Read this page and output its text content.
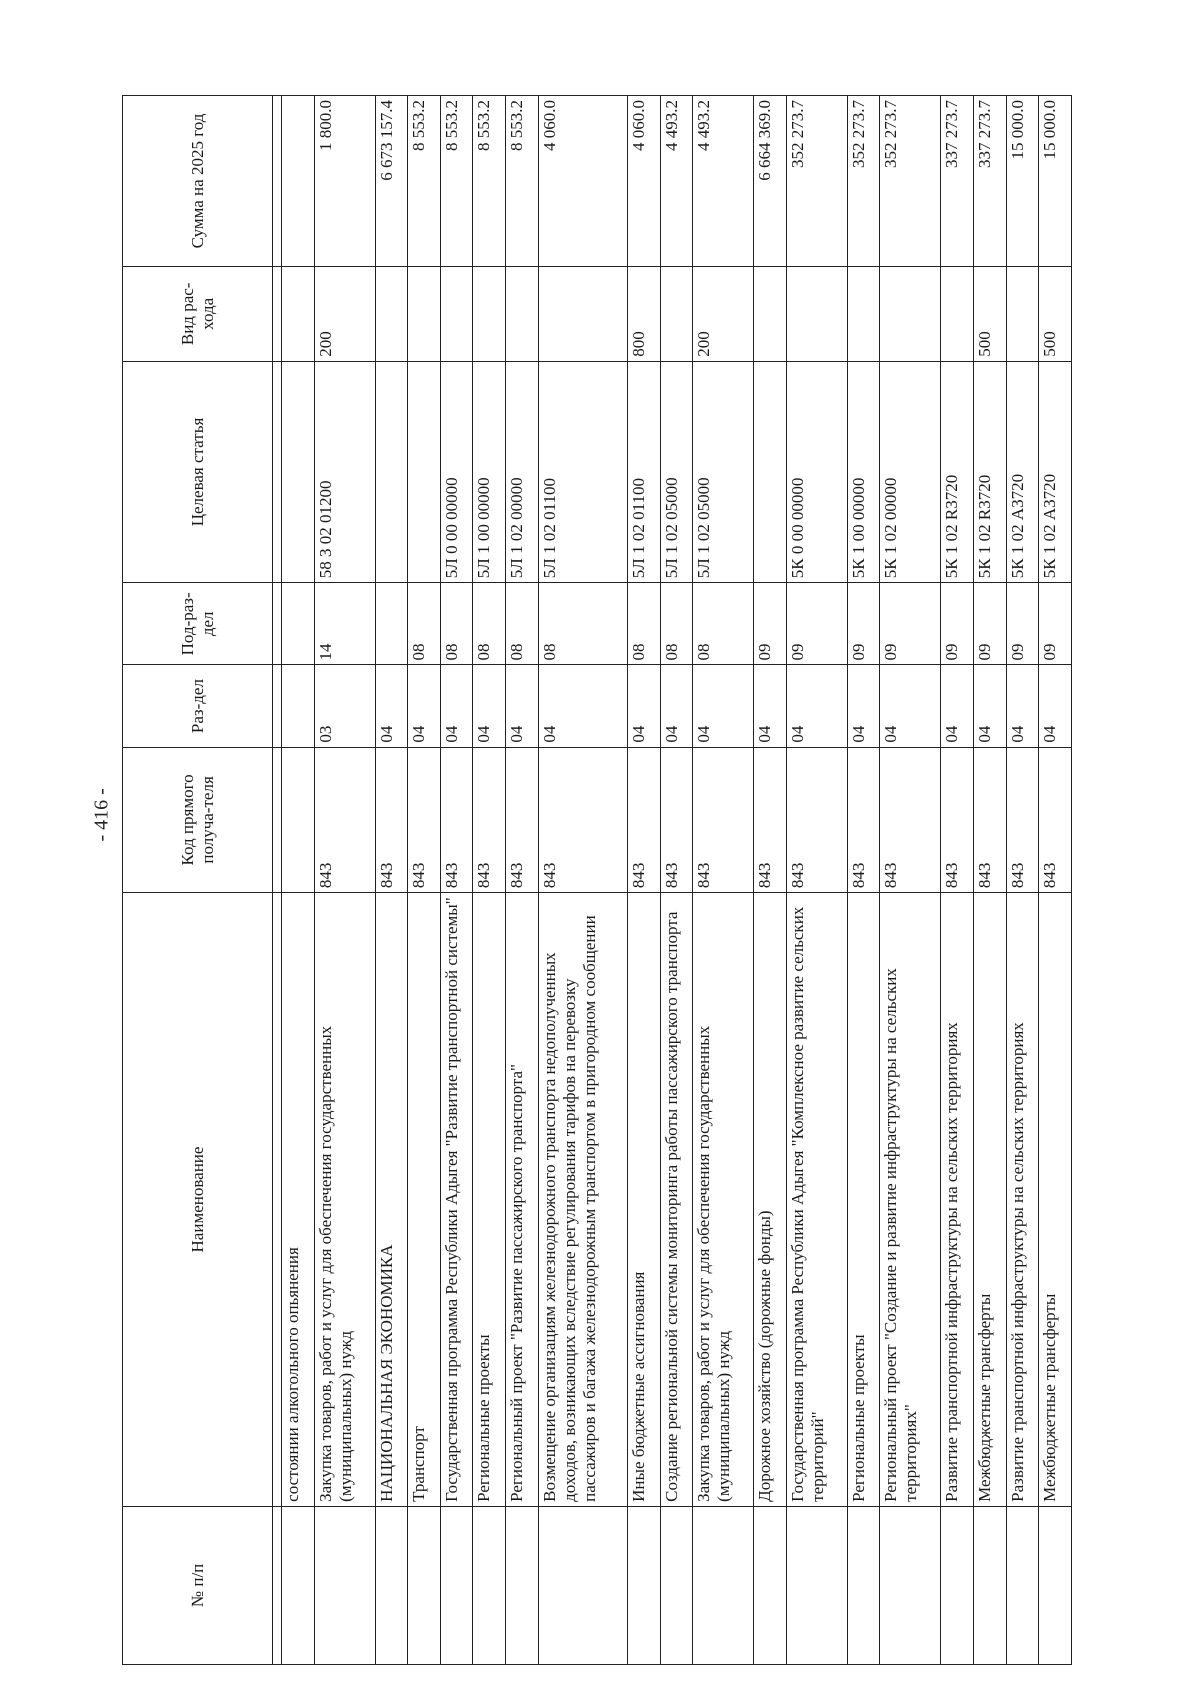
- 416 -
№ п/п	Наименование	Код прямого получа-теля	Раз-дел	Под-раз-дел	Целевая статья	Вид рас-хода	Сумма на 2025 год

	состоянии алкогольного опьянения						
	Закупка товаров, работ и услуг для обеспечения государственных (муниципальных) нужд	843	03	14	58 3 02 01200	200	1 800.0
	НАЦИОНАЛЬНАЯ ЭКОНОМИКА	843	04				6 673 157.4
	Транспорт	843	04	08			8 553.2
	Государственная программа Республики Адыгея "Развитие транспортной системы"	843	04	08	5Л 0 00 00000		8 553.2
	Региональные проекты	843	04	08	5Л 1 00 00000		8 553.2
	Региональный проект "Развитие пассажирского транспорта"	843	04	08	5Л 1 02 00000		8 553.2
	Возмещение организациям железнодорожного транспорта недополученных доходов, возникающих вследствие регулирования тарифов на перевозку пассажиров и багажа железнодорожным транспортом в пригородном сообщении	843	04	08	5Л 1 02 01100		4 060.0
	Иные бюджетные ассигнования	843	04	08	5Л 1 02 01100	800	4 060.0
	Создание региональной системы мониторинга работы пассажирского транспорта	843	04	08	5Л 1 02 05000		4 493.2
	Закупка товаров, работ и услуг для обеспечения государственных (муниципальных) нужд	843	04	08	5Л 1 02 05000	200	4 493.2
	Дорожное хозяйство (дорожные фонды)	843	04	09			6 664 369.0
	Государственная программа Республики Адыгея "Комплексное развитие сельских территорий"	843	04	09	5К 0 00 00000		352 273.7
	Региональные проекты	843	04	09	5К 1 00 00000		352 273.7
	Региональный проект "Создание и развитие инфраструктуры на сельских территориях"	843	04	09	5К 1 02 00000		352 273.7
	Развитие транспортной инфраструктуры на сельских территориях	843	04	09	5К 1 02 R3720		337 273.7
	Межбюджетные трансферты	843	04	09	5К 1 02 R3720	500	337 273.7
	Развитие транспортной инфраструктуры на сельских территориях	843	04	09	5К 1 02 А3720		15 000.0
	Межбюджетные трансферты	843	04	09	5К 1 02 А3720	500	15 000.0
